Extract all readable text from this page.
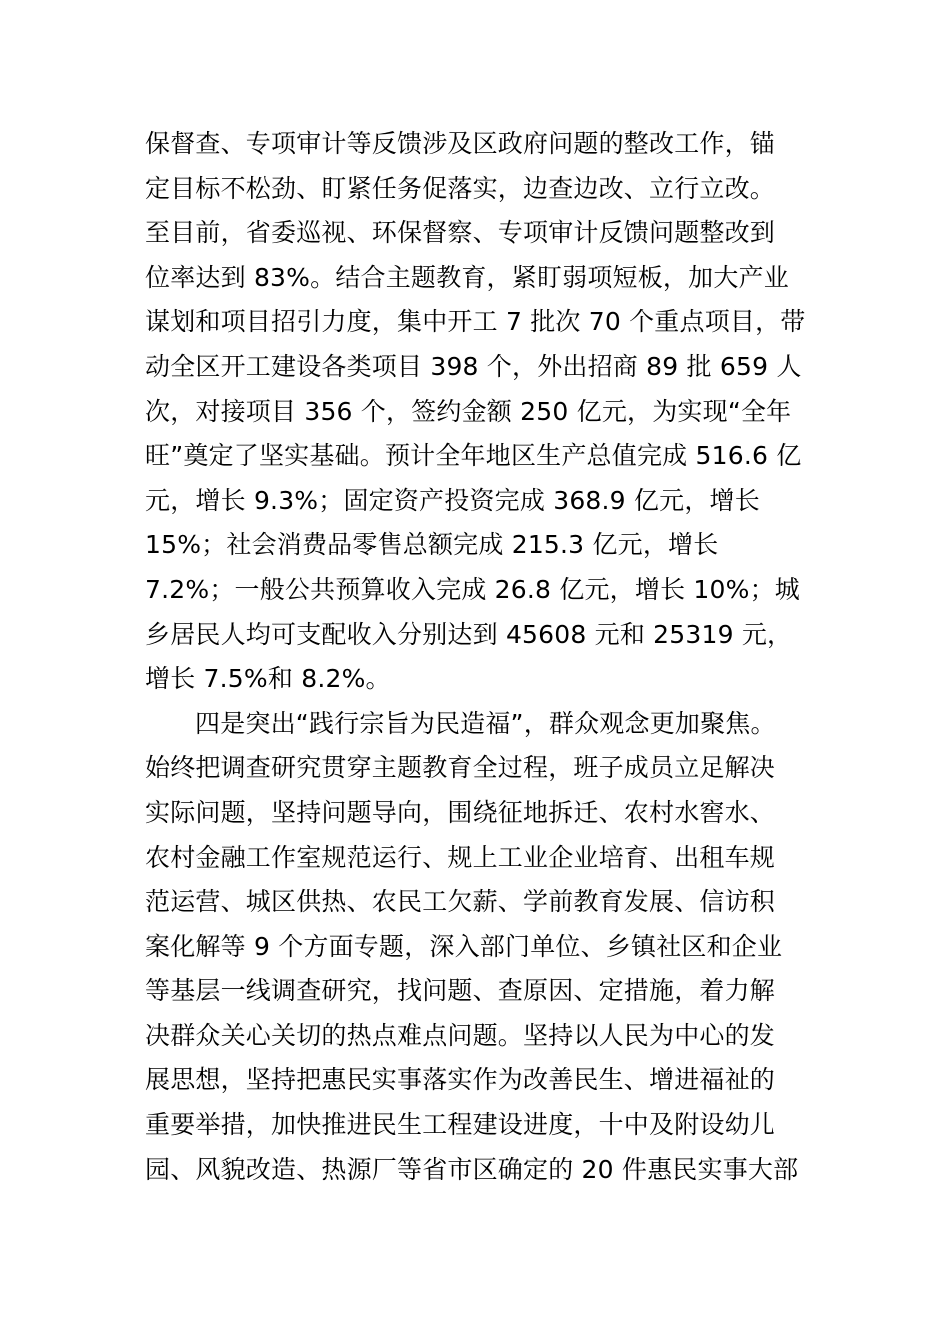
保督查、专项审计等反馈涉及区政府问题的整改工作，锚
定目标不松劲、盯紧任务促落实，边查边改、立行立改。
至目前，省委巡视、环保督察、专项审计反馈问题整改到
位率达到 83%。结合主题教育，紧盯弱项短板，加大产业
谋划和项目招引力度，集中开工 7 批次 70 个重点项目，带
动全区开工建设各类项目 398 个，外出招商 89 批 659 人
次，对接项目 356 个，签约金额 250 亿元，为实现“全年
旺”奠定了坚实基础。预计全年地区生产总值完成 516.6 亿
元，增长 9.3%；固定资产投资完成 368.9 亿元，增长
15%；社会消费品零售总额完成 215.3 亿元，增长
7.2%；一般公共预算收入完成 26.8 亿元，增长 10%；城
乡居民人均可支配收入分别达到 45608 元和 25319 元，
增长 7.5%和 8.2%。
四是突出“践行宗旨为民造福”，群众观念更加聚焦。
始终把调查研究贯穿主题教育全过程，班子成员立足解决
实际问题，坚持问题导向，围绕征地拆迁、农村水窖水、
农村金融工作室规范运行、规上工业企业培育、出租车规
范运营、城区供热、农民工欠薪、学前教育发展、信访积
案化解等 9 个方面专题，深入部门单位、乡镇社区和企业
等基层一线调查研究，找问题、查原因、定措施，着力解
决群众关心关切的热点难点问题。坚持以人民为中心的发
展思想，坚持把惠民实事落实作为改善民生、增进福祉的
重要举措，加快推进民生工程建设进度，十中及附设幼儿
园、风貌改造、热源厂等省市区确定的 20 件惠民实事大部
